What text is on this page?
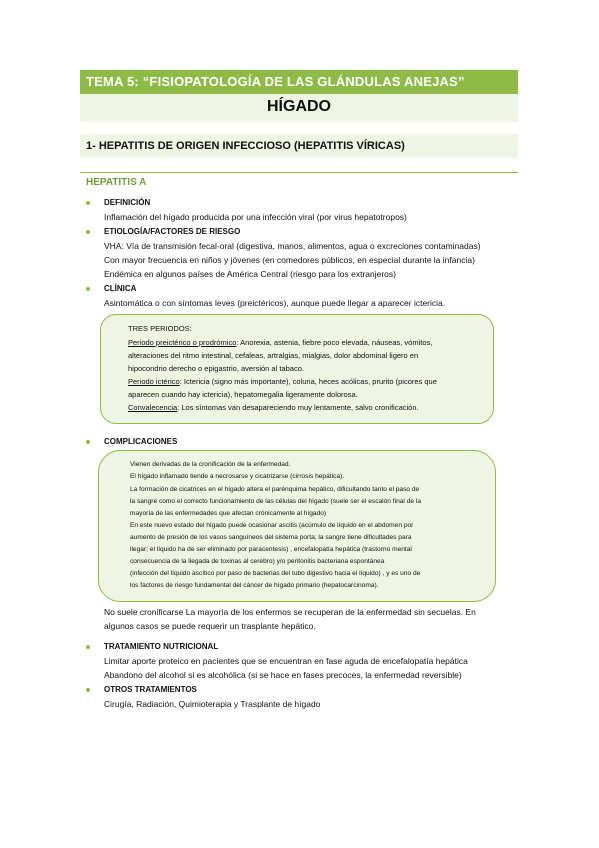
TEMA 5: “FISIOPATOLOGÍA DE LAS GLÁNDULAS ANEJAS”
HÍGADO
1- HEPATITIS DE ORIGEN INFECCIOSO (HEPATITIS VÍRICAS)
HEPATITIS A
DEFINICIÓN
Inflamación del hígado producida por una infección viral (por virus hepatotropos)
ETIOLOGÍA/FACTORES DE RIESGO
VHA: Vía de transmisión fecal-oral (digestiva, manos, alimentos, agua o excreciones contaminadas)
Con mayor frecuencia en niños y jóvenes (en comedores públicos, en especial durante la infancia)
Endémica en algunos países de América Central (riesgo para los extranjeros)
CLÍNICA
Asintomática o con síntomas leves (preictéricos), aunque puede llegar a aparecer ictericia.
TRES PERIODOS:
Periodo preictérico o prodrómico: Anorexia, astenia, fiebre poco elevada, náuseas, vómitos,
alteraciones del ritmo intestinal, cefaleas, artralgias, mialgias, dolor abdominal ligero en
hipocondrio derecho o epigastrio, aversión al tabaco.
Periodo ictérico: Ictericia (signo más importante), coluria, heces acólicas, prurito (picores que
aparecen cuando hay ictericia), hepatomegalia ligeramente dolorosa.
Convalecencia: Los síntomas van desapareciendo muy lentamente, salvo cronificación.
COMPLICACIONES
Vienen derivadas de la cronificación de la enfermedad.
El hígado inflamado tiende a necrosarse y cicatrizarse (cirrosis hepática).
La formación de cicatrices en el hígado altera el parénquima hepático, dificultando tanto el paso de
la sangre como el correcto funcionamiento de las células del hígado (suele ser el escalón final de la
mayoría de las enfermedades que afectan crónicamente al hígado)
En este nuevo estado del hígado puede ocasionar ascitis (acúmulo de líquido en el abdomen por
aumento de presión de los vasos sanguíneos del sistema porta; la sangre tiene dificultades para
llegar; el líquido ha de ser eliminado por paracentesis) , encefalopatía hepática (trastorno mental
consecuencia de la llegada de toxinas al cerebro) y/o peritonitis bacteriana espontánea
(infección del líquido ascítico por paso de bacterias del tubo digestivo hacia el líquido) , y es uno de
los factores de riesgo fundamental del cáncer de hígado primario (hepatocarcinoma).
No suele cronificarse La mayoría de los enfermos se recuperan de la enfermedad sin secuelas. En
algunos casos se puede requerir un trasplante hepático.
TRATAMIENTO NUTRICIONAL
Limitar aporte proteico en pacientes que se encuentran en fase aguda de encefalopatía hepática
Abandono del alcohol si es alcohólica (si se hace en fases precoces, la enfermedad reversible)
OTROS TRATAMIENTOS
Cirugía, Radiación, Quimioterapia y Trasplante de hígado
